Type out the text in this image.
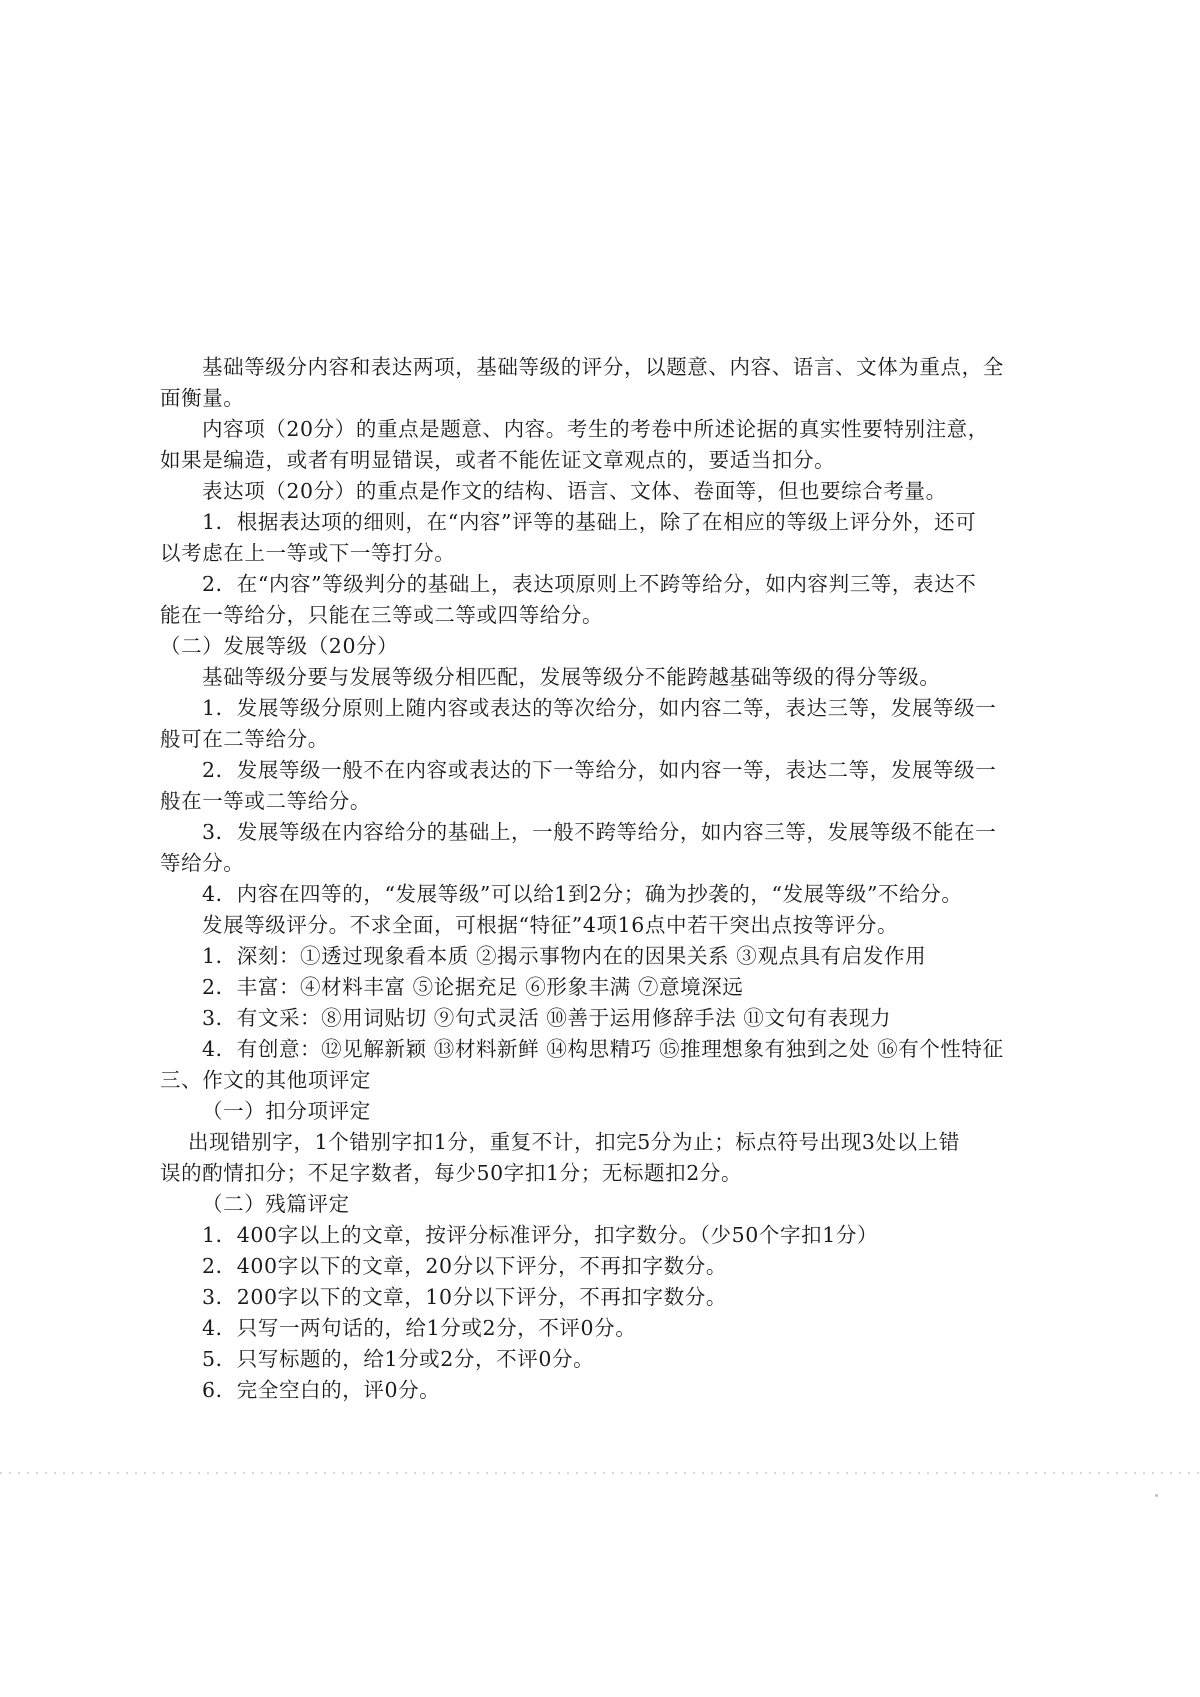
基础等级分内容和表达两项，基础等级的评分，以题意、内容、语言、文体为重点，全
面衡量。
内容项（20分）的重点是题意、内容。考生的考卷中所述论据的真实性要特别注意，
如果是编造，或者有明显错误，或者不能佐证文章观点的，要适当扣分。
表达项（20分）的重点是作文的结构、语言、文体、卷面等，但也要综合考量。
1．根据表达项的细则，在“内容”评等的基础上，除了在相应的等级上评分外，还可
以考虑在上一等或下一等打分。
2．在“内容”等级判分的基础上，表达项原则上不跨等给分，如内容判三等，表达不
能在一等给分，只能在三等或二等或四等给分。
（二）发展等级（20分）
基础等级分要与发展等级分相匹配，发展等级分不能跨越基础等级的得分等级。
1．发展等级分原则上随内容或表达的等次给分，如内容二等，表达三等，发展等级一
般可在二等给分。
2．发展等级一般不在内容或表达的下一等给分，如内容一等，表达二等，发展等级一
般在一等或二等给分。
3．发展等级在内容给分的基础上，一般不跨等给分，如内容三等，发展等级不能在一
等给分。
4．内容在四等的，“发展等级”可以给1到2分；确为抄袭的，“发展等级”不给分。
发展等级评分。不求全面，可根据“特征”4项16点中若干突出点按等评分。
1．深刻：①透过现象看本质 ②揭示事物内在的因果关系 ③观点具有启发作用
2．丰富：④材料丰富 ⑤论据充足 ⑥形象丰满 ⑦意境深远
3．有文采：⑧用词贴切 ⑨句式灵活 ⑩善于运用修辞手法 ⑪文句有表现力
4．有创意：⑫见解新颖 ⑬材料新鲜 ⑭构思精巧 ⑮推理想象有独到之处 ⑯有个性特征
三、作文的其他项评定
（一）扣分项评定
出现错别字，1个错别字扣1分，重复不计，扣完5分为止；标点符号出现3处以上错
误的酌情扣分；不足字数者，每少50字扣1分；无标题扣2分。
（二）残篇评定
1．400字以上的文章，按评分标准评分，扣字数分。（少50个字扣1分）
2．400字以下的文章，20分以下评分，不再扣字数分。
3．200字以下的文章，10分以下评分，不再扣字数分。
4．只写一两句话的，给1分或2分，不评0分。
5．只写标题的，给1分或2分，不评0分。
6．完全空白的，评0分。
